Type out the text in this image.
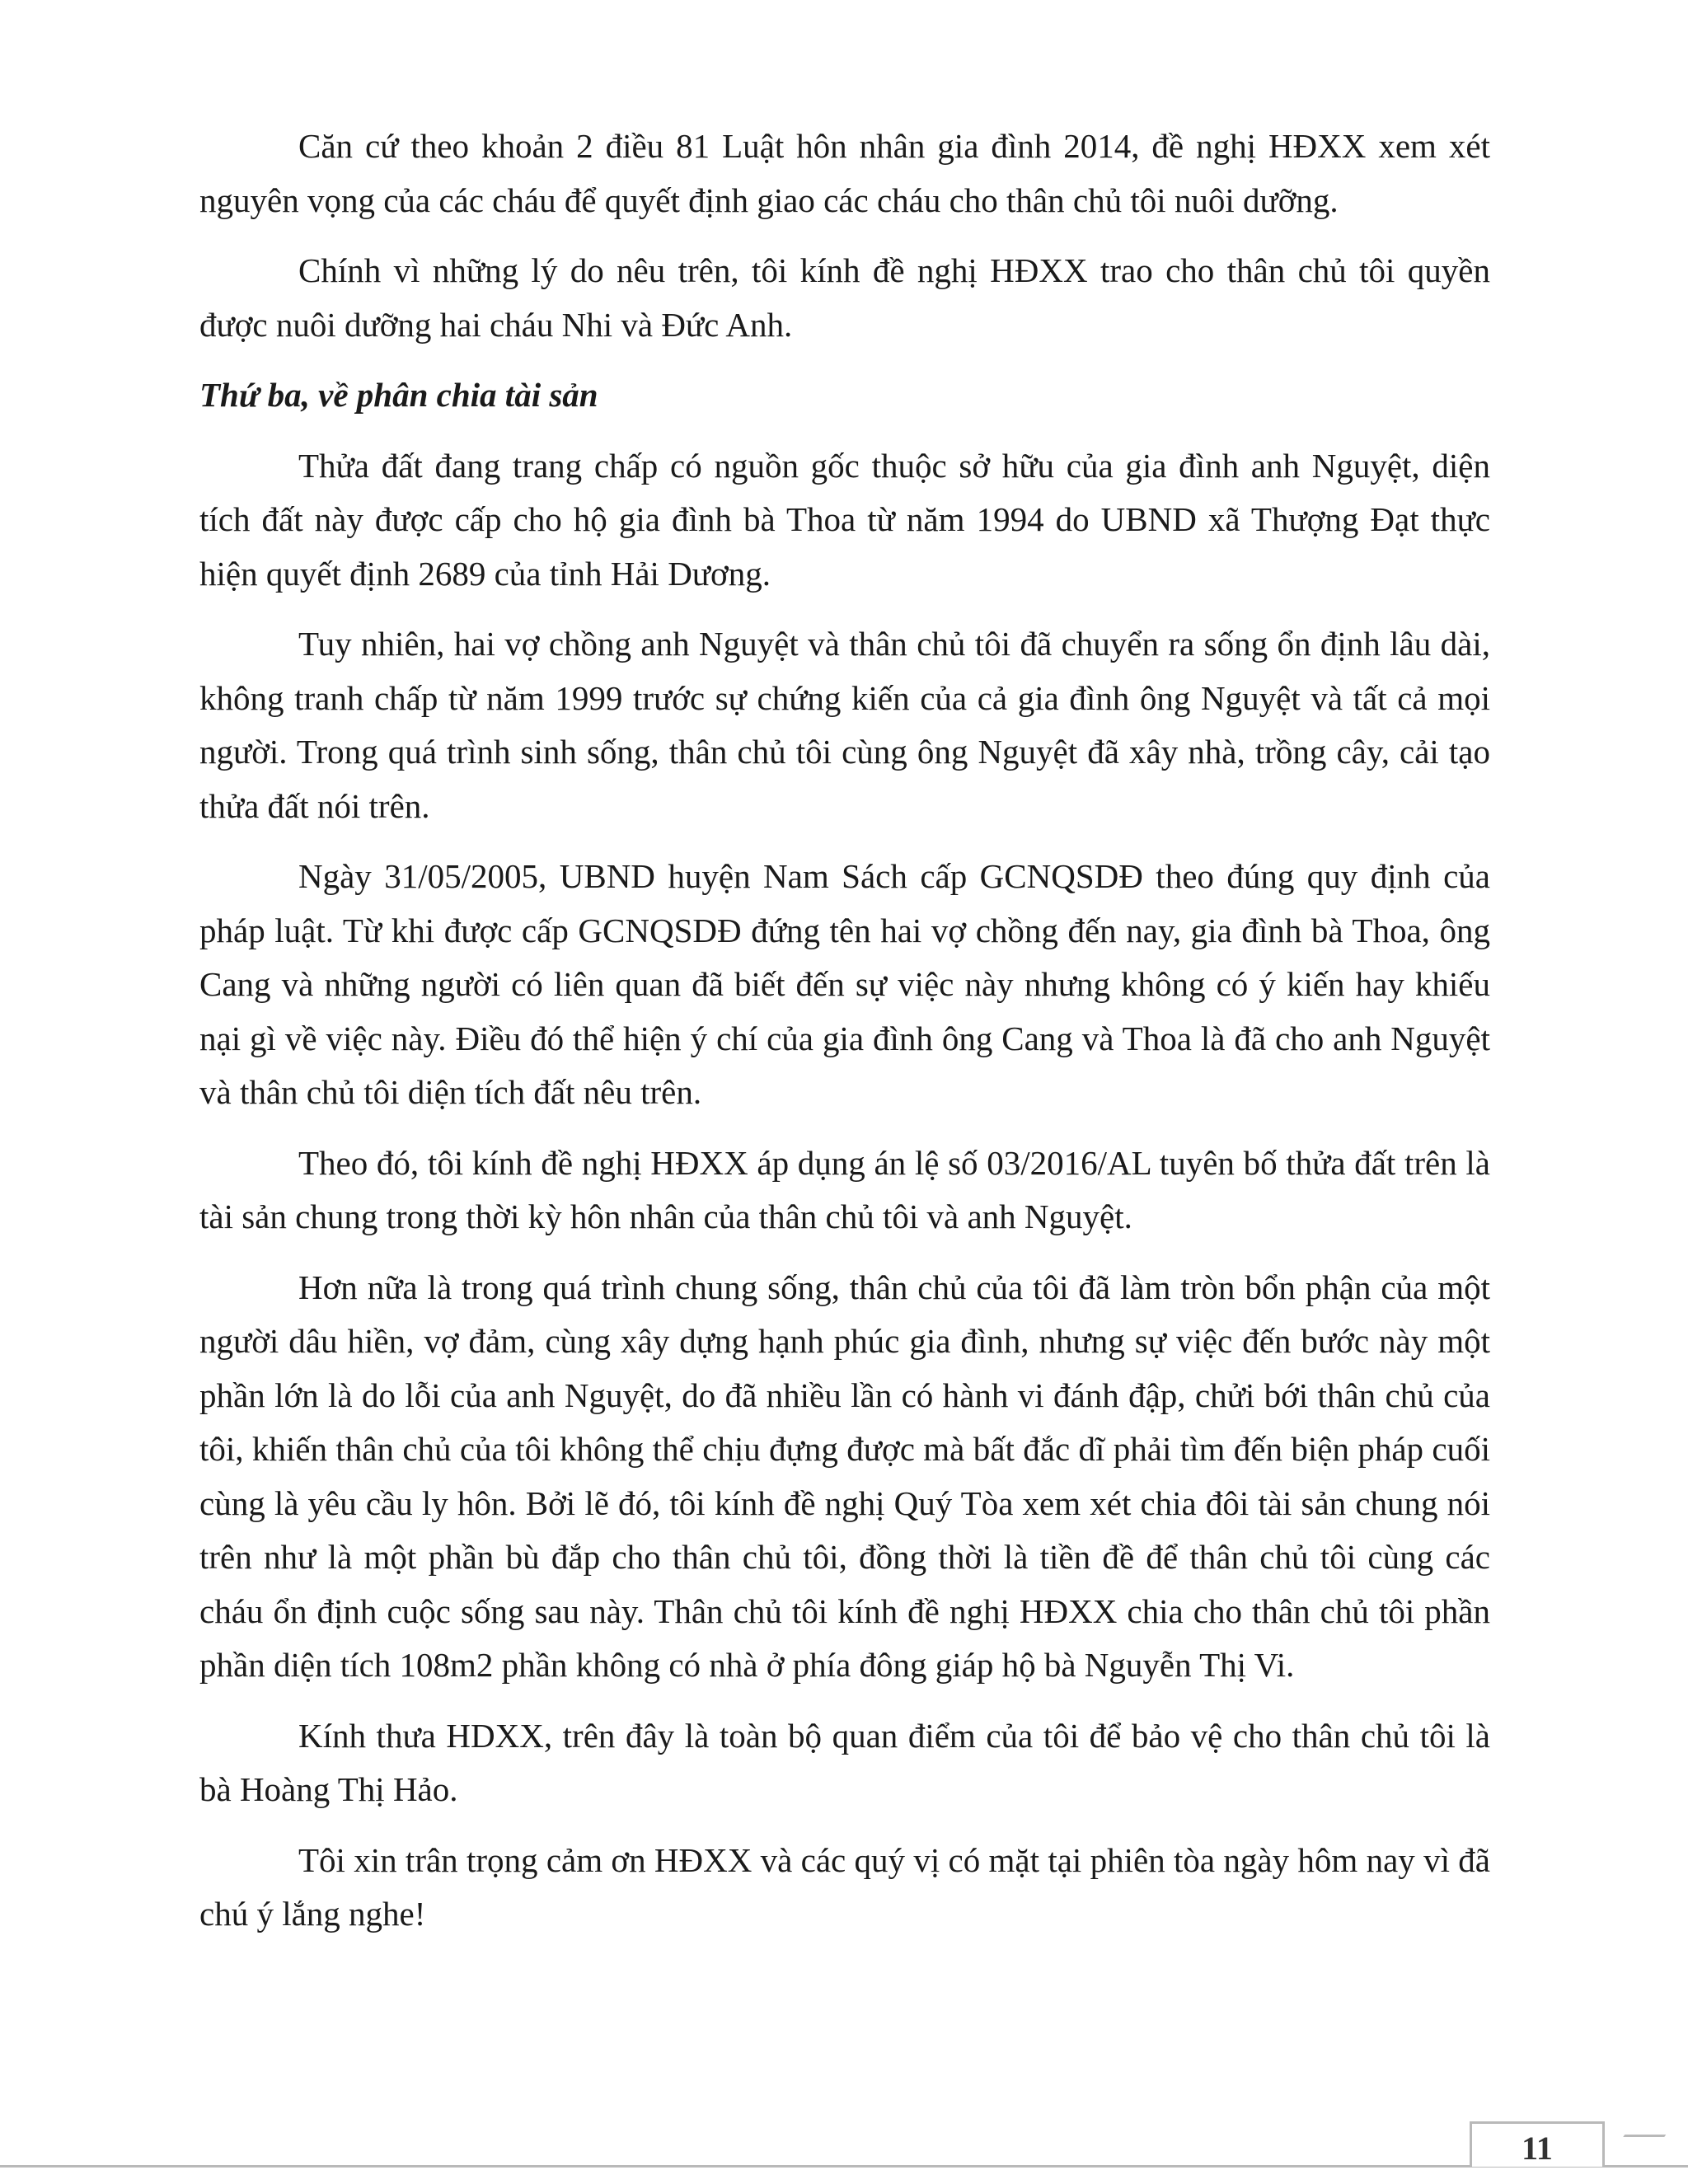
Căn cứ theo khoản 2 điều 81 Luật hôn nhân gia đình 2014, đề nghị HĐXX xem xét nguyên vọng của các cháu để quyết định giao các cháu cho thân chủ tôi nuôi dưỡng.

Chính vì những lý do nêu trên, tôi kính đề nghị HĐXX trao cho thân chủ tôi quyền được nuôi dưỡng hai cháu Nhi và Đức Anh.

Thứ ba, về phân chia tài sản

Thửa đất đang trang chấp có nguồn gốc thuộc sở hữu của gia đình anh Nguyệt, diện tích đất này được cấp cho hộ gia đình bà Thoa từ năm 1994 do UBND xã Thượng Đạt thực hiện quyết định 2689 của tỉnh Hải Dương.

Tuy nhiên, hai vợ chồng anh Nguyệt và thân chủ tôi đã chuyển ra sống ổn định lâu dài, không tranh chấp từ năm 1999 trước sự chứng kiến của cả gia đình ông Nguyệt và tất cả mọi người. Trong quá trình sinh sống, thân chủ tôi cùng ông Nguyệt đã xây nhà, trồng cây, cải tạo thửa đất nói trên.

Ngày 31/05/2005, UBND huyện Nam Sách cấp GCNQSDĐ theo đúng quy định của pháp luật. Từ khi được cấp GCNQSDĐ đứng tên hai vợ chồng đến nay, gia đình bà Thoa, ông Cang và những người có liên quan đã biết đến sự việc này nhưng không có ý kiến hay khiếu nại gì về việc này. Điều đó thể hiện ý chí của gia đình ông Cang và Thoa là đã cho anh Nguyệt và thân chủ tôi diện tích đất nêu trên.

Theo đó, tôi kính đề nghị HĐXX áp dụng án lệ số 03/2016/AL tuyên bố thửa đất trên là tài sản chung trong thời kỳ hôn nhân của thân chủ tôi và anh Nguyệt.

Hơn nữa là trong quá trình chung sống, thân chủ của tôi đã làm tròn bổn phận của một người dâu hiền, vợ đảm, cùng xây dựng hạnh phúc gia đình, nhưng sự việc đến bước này một phần lớn là do lỗi của anh Nguyệt, do đã nhiều lần có hành vi đánh đập, chửi bới thân chủ của tôi, khiến thân chủ của tôi không thể chịu đựng được mà bất đắc dĩ phải tìm đến biện pháp cuối cùng là yêu cầu ly hôn. Bởi lẽ đó, tôi kính đề nghị Quý Tòa xem xét chia đôi tài sản chung nói trên như là một phần bù đắp cho thân chủ tôi, đồng thời là tiền đề để thân chủ tôi cùng các cháu ổn định cuộc sống sau này. Thân chủ tôi kính đề nghị HĐXX chia cho thân chủ tôi phần phần diện tích 108m2 phần không có nhà ở phía đông giáp hộ bà Nguyễn Thị Vi.

Kính thưa HDXX, trên đây là toàn bộ quan điểm của tôi để bảo vệ cho thân chủ tôi là bà Hoàng Thị Hảo.

Tôi xin trân trọng cảm ơn HĐXX và các quý vị có mặt tại phiên tòa ngày hôm nay vì đã chú ý lắng nghe!

11
